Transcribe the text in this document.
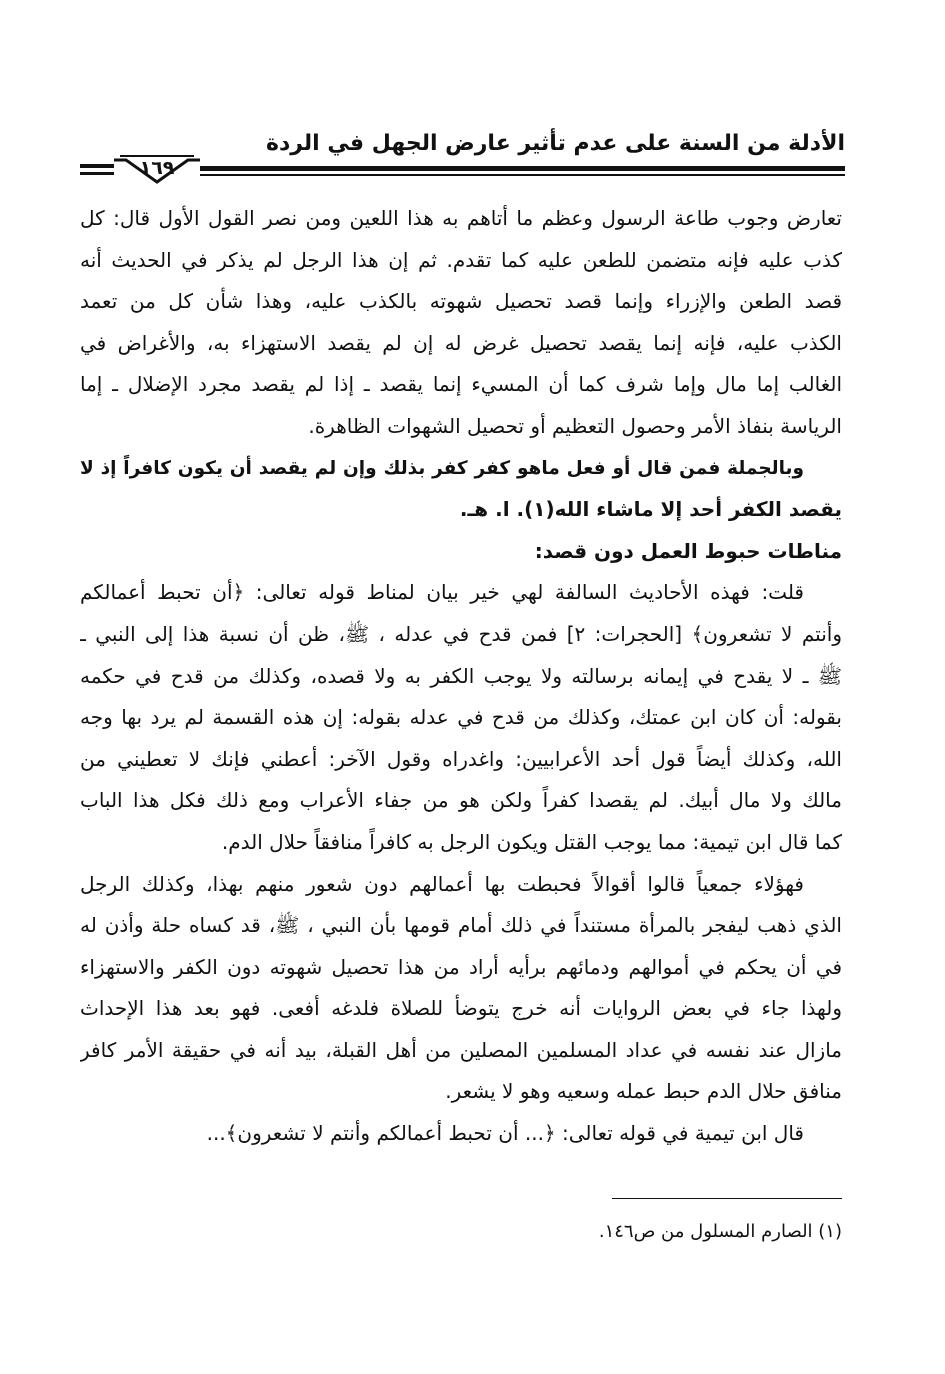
الأدلة من السنة على عدم تأثير عارض الجهل في الردة
١٦٩
تعارض وجوب طاعة الرسول وعظم ما أتاهم به هذا اللعين ومن نصر القول الأول قال: كل
كذب عليه فإنه متضمن للطعن عليه كما تقدم. ثم إن هذا الرجل لم يذكر في الحديث أنه
قصد الطعن والإزراء وإنما قصد تحصيل شهوته بالكذب عليه، وهذا شأن كل من تعمد
الكذب عليه، فإنه إنما يقصد تحصيل غرض له إن لم يقصد الاستهزاء به، والأغراض في
الغالب إما مال وإما شرف كما أن المسيء إنما يقصد ـ إذا لم يقصد مجرد الإضلال ـ إما
الرياسة بنفاذ الأمر وحصول التعظيم أو تحصيل الشهوات الظاهرة.
وبالجملة فمن قال أو فعل ماهو كفر كفر بذلك وإن لم يقصد أن يكون كافراً إذ لا
يقصد الكفر أحد إلا ماشاء الله(١). ا. هـ.
مناطات حبوط العمل دون قصد:
قلت: فهذه الأحاديث السالفة لهي خير بيان لمناط قوله تعالى: ﴿أن تحبط أعمالكم
وأنتم لا تشعرون﴾ [الحجرات: ٢] فمن قدح في عدله ، ﷺ، ظن أن نسبة هذا إلى النبي ـ
ﷺ ـ لا يقدح في إيمانه برسالته ولا يوجب الكفر به ولا قصده، وكذلك من قدح في حكمه
بقوله: أن كان ابن عمتك، وكذلك من قدح في عدله بقوله: إن هذه القسمة لم يرد بها وجه
الله، وكذلك أيضاً قول أحد الأعرابيين: واغدراه وقول الآخر: أعطني فإنك لا تعطيني من
مالك ولا مال أبيك. لم يقصدا كفراً ولكن هو من جفاء الأعراب ومع ذلك فكل هذا الباب
كما قال ابن تيمية: مما يوجب القتل ويكون الرجل به كافراً منافقاً حلال الدم.
فهؤلاء جمعياً قالوا أقوالاً فحبطت بها أعمالهم دون شعور منهم بهذا، وكذلك الرجل
الذي ذهب ليفجر بالمرأة مستنداً في ذلك أمام قومها بأن النبي ، ﷺ، قد كساه حلة وأذن له
في أن يحكم في أموالهم ودمائهم برأيه أراد من هذا تحصيل شهوته دون الكفر والاستهزاء
ولهذا جاء في بعض الروايات أنه خرج يتوضأ للصلاة فلدغه أفعى. فهو بعد هذا الإحداث
مازال عند نفسه في عداد المسلمين المصلين من أهل القبلة، بيد أنه في حقيقة الأمر كافر
منافق حلال الدم حبط عمله وسعيه وهو لا يشعر.
قال ابن تيمية في قوله تعالى: ﴿... أن تحبط أعمالكم وأنتم لا تشعرون﴾...
(١) الصارم المسلول من ص١٤٦.
